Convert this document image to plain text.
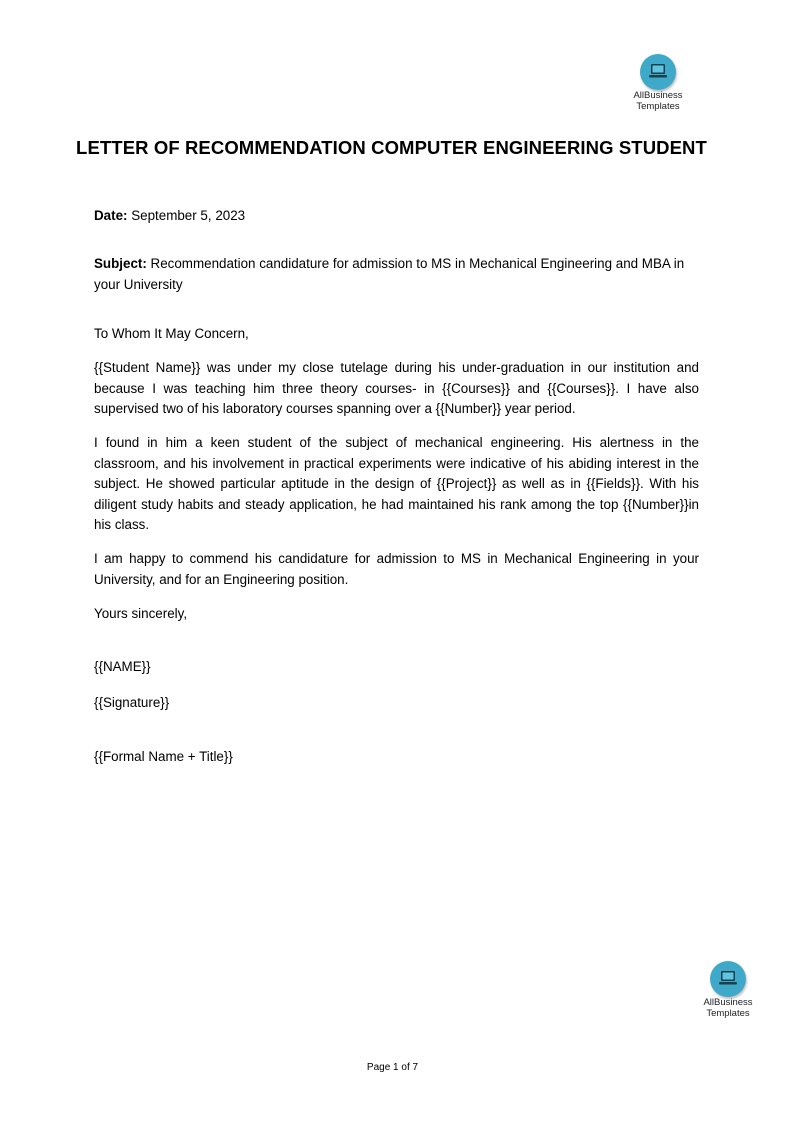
AllBusiness
Templates
LETTER OF RECOMMENDATION COMPUTER ENGINEERING STUDENT
Date: September 5, 2023
Subject: Recommendation candidature for admission to MS in Mechanical Engineering and MBA in your University
To Whom It May Concern,
{{Student Name}} was under my close tutelage during his under-graduation in our institution and because I was teaching him three theory courses- in {{Courses}} and {{Courses}}. I have also supervised two of his laboratory courses spanning over a {{Number}} year period.
I found in him a keen student of the subject of mechanical engineering. His alertness in the classroom, and his involvement in practical experiments were indicative of his abiding interest in the subject. He showed particular aptitude in the design of {{Project}} as well as in {{Fields}}. With his diligent study habits and steady application, he had maintained his rank among the top {{Number}}in his class.
I am happy to commend his candidature for admission to MS in Mechanical Engineering in your University, and for an Engineering position.
Yours sincerely,
{{NAME}}
{{Signature}}
{{Formal Name + Title}}
AllBusiness
Templates
Page 1 of 7
